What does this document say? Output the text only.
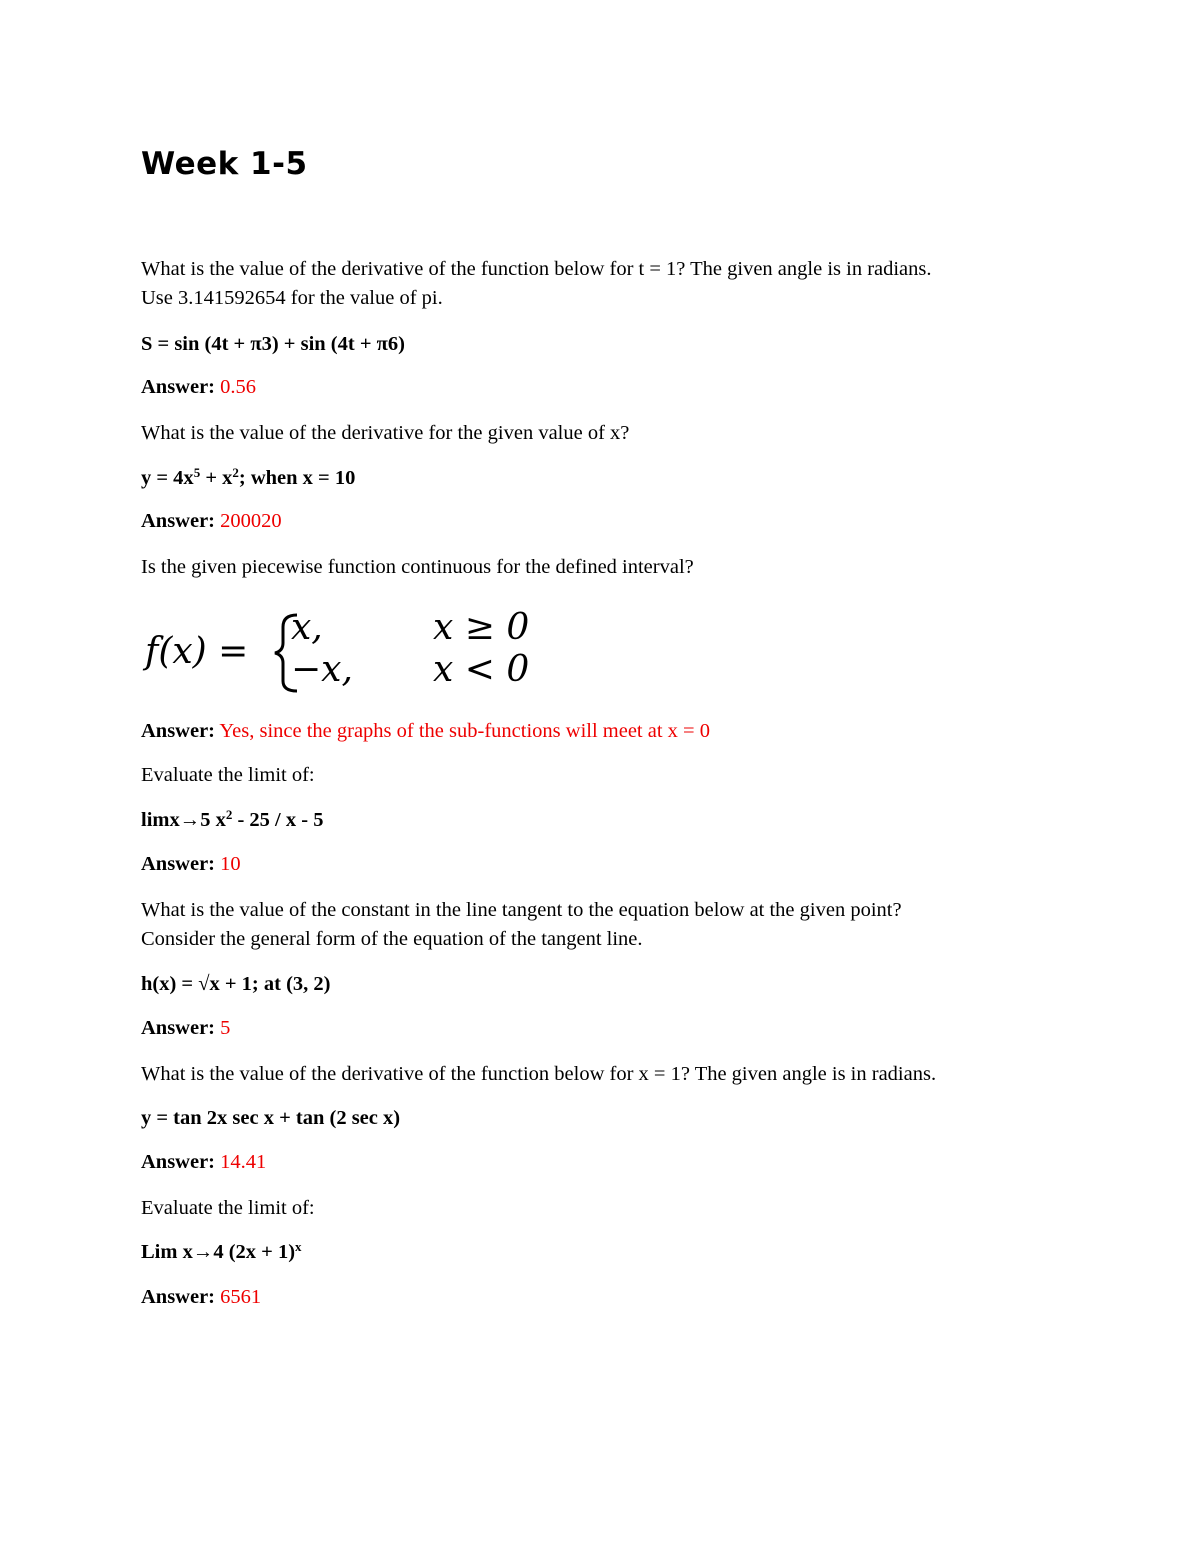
Week 1-5

What is the value of the derivative of the function below for t = 1? The given angle is in radians.

Use 3.141592654 for the value of pi.

S = sin (4t + π3) + sin (4t + π6)

Answer: 0.56

What is the value of the derivative for the given value of x?

$y = 4x^5 + x^2$; when x = 10

Answer: 200020

Is the given piecewise function continuous for the defined interval?

f(x) =
x,
−x,
x ≥ 0
x < 0

Answer: Yes, since the graphs of the sub-functions will meet at x = 0

Evaluate the limit of:

limx→5 $x^2 - 25$ / x - 5

Answer: 10

What is the value of the constant in the line tangent to the equation below at the given point?

Consider the general form of the equation of the tangent line.

h(x) = √x + 1; at (3, 2)

Answer: 5

What is the value of the derivative of the function below for x = 1? The given angle is in radians.

y = tan 2x sec x + tan (2 sec x)

Answer: 14.41

Evaluate the limit of:

Lim x→4 $(2x + 1)^x$

Answer: 6561
